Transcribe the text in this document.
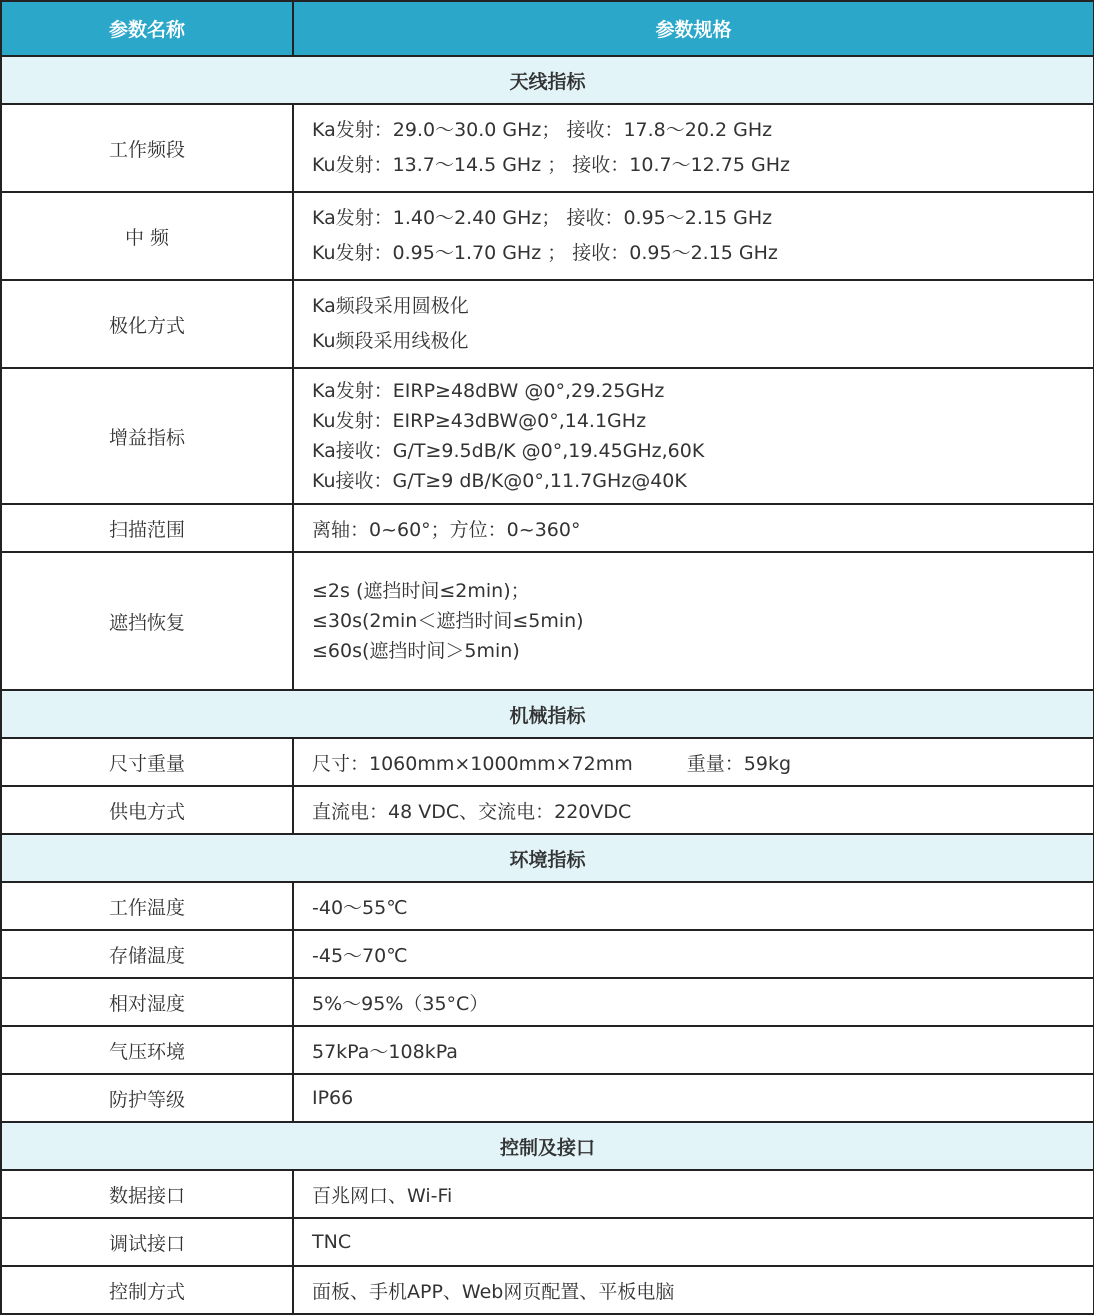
参数名称	参数规格
天线指标	
工作频段	Ka发射：29.0～30.0 GHz； 接收：17.8～20.2 GHz
Ku发射：13.7～14.5 GHz ； 接收：10.7～12.75 GHz

中 频	Ka发射：1.40～2.40 GHz； 接收：0.95～2.15 GHz
Ku发射：0.95～1.70 GHz ； 接收：0.95～2.15 GHz

极化方式	Ka频段采用圆极化
Ku频段采用线极化

增益指标	Ka发射：EIRP≥48dBW @0°,29.25GHz
Ku发射：EIRP≥43dBW@0°,14.1GHz
Ka接收：G/T≥9.5dB/K @0°,19.45GHz,60K
Ku接收：G/T≥9 dB/K@0°,11.7GHz@40K

扫描范围	离轴：0~60°；方位：0~360°
遮挡恢复	≤2s (遮挡时间≤2min)；
≤30s(2min＜遮挡时间≤5min)
≤60s(遮挡时间＞5min)

机械指标	
尺寸重量	尺寸：1060mm×1000mm×72mm 重量：59kg
供电方式	直流电：48 VDC、交流电：220VDC
环境指标	
工作温度	-40～55℃
存储温度	-45～70℃
相对湿度	5%～95%（35°C）
气压环境	57kPa～108kPa
防护等级	IP66
控制及接口	
数据接口	百兆网口、Wi-Fi
调试接口	TNC
控制方式	面板、手机APP、Web网页配置、平板电脑
